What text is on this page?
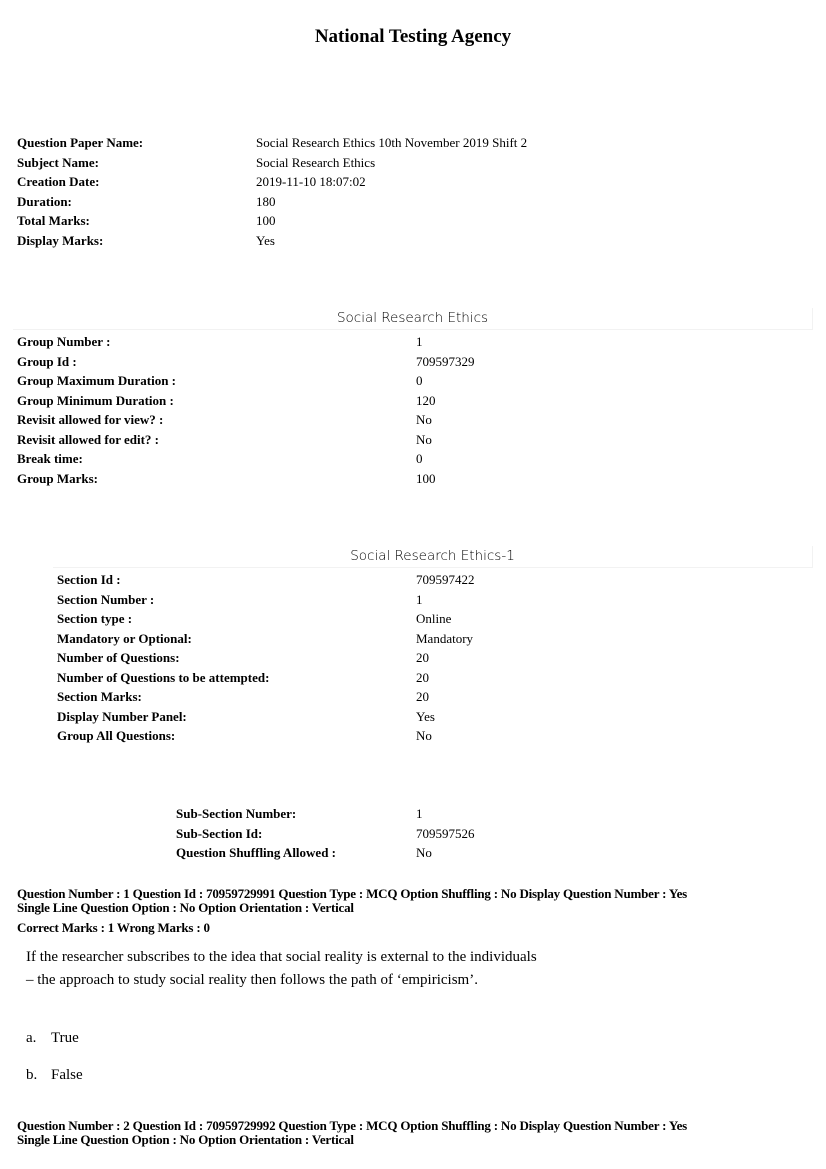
National Testing Agency
Question Paper Name:	Social Research Ethics 10th November 2019 Shift 2
Subject Name:	Social Research Ethics
Creation Date:	2019-11-10 18:07:02
Duration:	180
Total Marks:	100
Display Marks:	Yes
Social Research Ethics
Group Number :	1
Group Id :	709597329
Group Maximum Duration :	0
Group Minimum Duration :	120
Revisit allowed for view? :	No
Revisit allowed for edit? :	No
Break time:	0
Group Marks:	100
Social Research Ethics-1
Section Id :	709597422
Section Number :	1
Section type :	Online
Mandatory or Optional:	Mandatory
Number of Questions:	20
Number of Questions to be attempted:	20
Section Marks:	20
Display Number Panel:	Yes
Group All Questions:	No
Sub-Section Number:	1
Sub-Section Id:	709597526
Question Shuffling Allowed :	No
Question Number : 1 Question Id : 70959729991 Question Type : MCQ Option Shuffling : No Display Question Number : Yes
Single Line Question Option : No Option Orientation : Vertical
Correct Marks : 1 Wrong Marks : 0
If the researcher subscribes to the idea that social reality is external to the individuals – the approach to study social reality then follows the path of ‘empiricism’.
a. True
b. False
Question Number : 2 Question Id : 70959729992 Question Type : MCQ Option Shuffling : No Display Question Number : Yes
Single Line Question Option : No Option Orientation : Vertical
